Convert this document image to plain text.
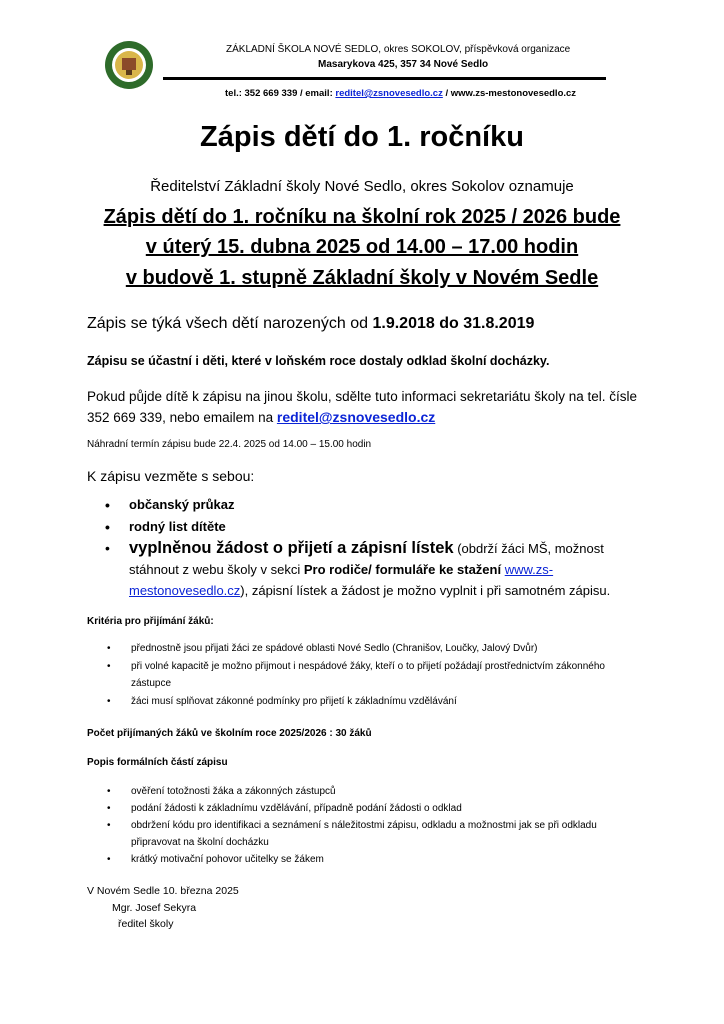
ZÁKLADNÍ ŠKOLA NOVÉ SEDLO, okres SOKOLOV, příspěvková organizace
Masarykova 425, 357 34 Nové Sedlo
tel.: 352 669 339 / email: reditel@zsnovesedlo.cz / www.zs-mestonovesedlo.cz
Zápis dětí do 1. ročníku
Ředitelství Základní školy Nové Sedlo, okres Sokolov oznamuje
Zápis dětí do 1. ročníku na školní rok 2025 / 2026 bude
v úterý 15. dubna 2025 od 14.00 – 17.00 hodin
v budově 1. stupně Základní školy v Novém Sedle
Zápis se týká všech dětí narozených od 1.9.2018 do 31.8.2019
Zápisu se účastní i děti, které v loňském roce dostaly odklad školní docházky.
Pokud půjde dítě k zápisu na jinou školu, sdělte tuto informaci sekretariátu školy na tel. čísle 352 669 339, nebo emailem na reditel@zsnovesedlo.cz
Náhradní termín zápisu bude 22.4. 2025 od 14.00 – 15.00 hodin
K zápisu vezměte s sebou:
• občanský průkaz
• rodný list dítěte
• vyplněnou žádost o přijetí a zápisní lístek (obdrží žáci MŠ, možnost stáhnout z webu školy v sekci Pro rodiče/ formuláře ke stažení www.zs-mestonovesedlo.cz), zápisní lístek a žádost je možno vyplnit i při samotném zápisu.
Kritéria pro přijímání žáků:
• přednostně jsou přijati žáci ze spádové oblasti Nové Sedlo (Chranišov, Loučky, Jalový Dvůr)
• při volné kapacitě je možno přijmout i nespádové žáky, kteří o to přijetí požádají prostřednictvím zákonného zástupce
• žáci musí splňovat zákonné podmínky pro přijetí k základnímu vzdělávání
Počet přijímaných žáků ve školním roce 2025/2026 : 30 žáků
Popis formálních částí zápisu
• ověření totožnosti žáka a zákonných zástupců
• podání žádosti k základnímu vzdělávání, případně podání žádosti o odklad
• obdržení kódu pro identifikaci a seznámení s náležitostmi zápisu, odkladu a možnostmi jak se při odkladu připravovat na školní docházku
• krátký motivační pohovor učitelky se žákem
V Novém Sedle 10. března 2025
Mgr. Josef Sekyra
ředitel školy
